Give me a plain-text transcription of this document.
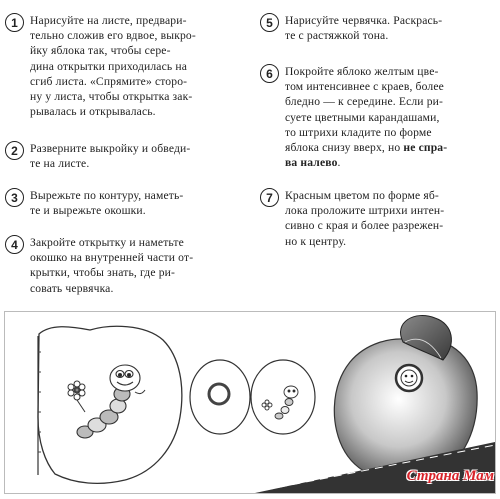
1	Нарисуйте на листе, предвари-
тельно сложив его вдвое, выкро-
йку яблока так, чтобы сере-
дина открытки приходилась на
сгиб листа. «Спрямите» сторо-
ну у листа, чтобы открытка зак-
рывалась и открывалась.
2	Разверните выкройку и обведи-
те на листе.
3	Вырежьте по контуру, наметь-
те и вырежьте окошки.
4	Закройте открытку и наметьте
окошко на внутренней части от-
крытки, чтобы знать, где ри-
совать червячка.
5	Нарисуйте червячка. Раскрась-
те с растяжкой тона.
6	Покройте яблоко желтым цве-
том интенсивнее с краев, более
бледно — к середине. Если ри-
суете цветными карандашами,
то штрихи кладите по форме
яблока снизу вверх, но не спра-
ва налево.
7	Красным цветом по форме яб-
лока проложите штрихи интен-
сивно с края и более разрежен-
но к центру.
Страна Мам
